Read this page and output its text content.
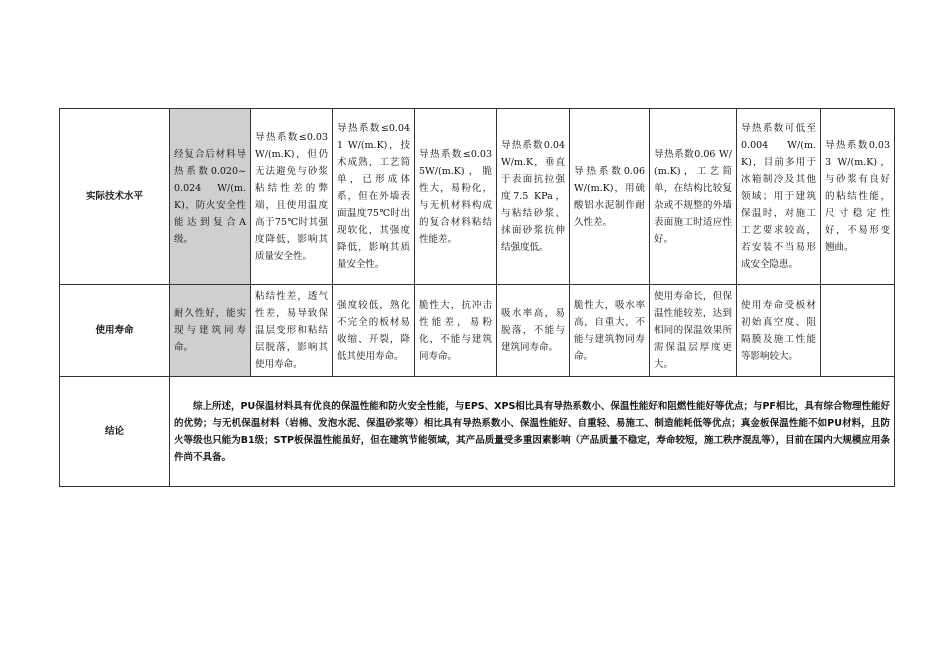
实际技术水平	经复合后材料导热系数0.020~0.024 W/(m.K)，防火安全性能达到复合A级。	导热系数≤0.03 W/(m.K)，但仍无法避免与砂浆粘结性差的弊端，且使用温度高于75℃时其强度降低，影响其质量安全性。	导热系数≤0.041 W/(m.K)，技术成熟，工艺简单，已形成体系，但在外墙表面温度75℃时出现软化，其强度降低，影响其质量安全性。	导热系数≤0.035W/(m.K)，脆性大，易粉化，与无机材料构成的复合材料粘结性能差。	导热系数0.04 W/m.K，垂直于表面抗拉强度7.5 KPa，与粘结砂浆、抹面砂浆抗伸结强度低。	导热系数0.06 W/(m.K)，用硫酸铝水泥制作耐久性差。	导热系数0.06 W/(m.K)，工艺简单，在结构比较复杂或不规整的外墙表面施工时适应性好。	导热系数可低至0.004 W/(m.K)，目前多用于冰箱制冷及其他领域；用于建筑保温时，对施工工艺要求较高，若安装不当易形成安全隐患。	导热系数0.033 W/(m.K)，与砂浆有良好的粘结性能，尺寸稳定性好，不易形变翘曲。
使用寿命	耐久性好，能实现与建筑同寿命。	粘结性差，透气性差，易导致保温层变形和粘结层脱落，影响其使用寿命。	强度较低，熟化不完全的板材易收缩、开裂，降低其使用寿命。	脆性大，抗冲击性能差，易粉化，不能与建筑同寿命。	吸水率高，易脱落，不能与建筑同寿命。	脆性大，吸水率高，自重大，不能与建筑物同寿命。	使用寿命长，但保温性能较差，达到相同的保温效果所需保温层厚度更大。	使用寿命受板材初始真空度、阻隔膜及施工性能等影响较大。	
结论	综上所述，PU保温材料具有优良的保温性能和防火安全性能，与EPS、XPS相比具有导热系数小、保温性能好和阻燃性能好等优点；与PF相比，具有综合物理性能好的优势；与无机保温材料（岩棉、发泡水泥、保温砂浆等）相比具有导热系数小、保温性能好、自重轻、易施工、制造能耗低等优点；真金板保温性能不如PU材料，且防火等级也只能为B1级；STP板保温性能虽好，但在建筑节能领域，其产品质量受多重因素影响（产品质量不稳定，寿命较短，施工秩序混乱等），目前在国内大规模应用条件尚不具备。								
